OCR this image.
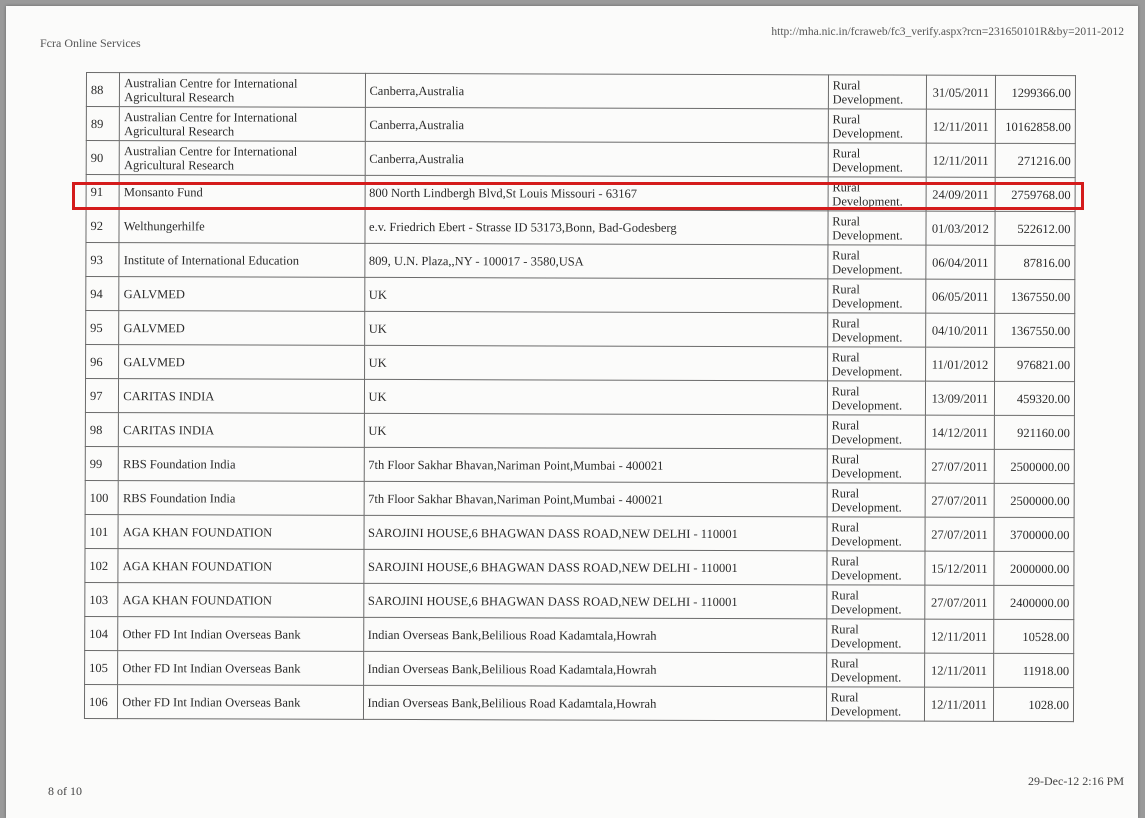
Fcra Online Services
http://mha.nic.in/fcraweb/fc3_verify.aspx?rcn=231650101R&by=2011-2012
88	Australian Centre for International Agricultural Research	Canberra,Australia	Rural Development.	31/05/2011	1299366.00
89	Australian Centre for International Agricultural Research	Canberra,Australia	Rural Development.	12/11/2011	10162858.00
90	Australian Centre for International Agricultural Research	Canberra,Australia	Rural Development.	12/11/2011	271216.00
91	Monsanto Fund	800 North Lindbergh Blvd,St Louis Missouri - 63167	Rural Development.	24/09/2011	2759768.00
92	Welthungerhilfe	e.v. Friedrich Ebert - Strasse ID 53173,Bonn, Bad-Godesberg	Rural Development.	01/03/2012	522612.00
93	Institute of International Education	809, U.N. Plaza,,NY - 100017 - 3580,USA	Rural Development.	06/04/2011	87816.00
94	GALVMED	UK	Rural Development.	06/05/2011	1367550.00
95	GALVMED	UK	Rural Development.	04/10/2011	1367550.00
96	GALVMED	UK	Rural Development.	11/01/2012	976821.00
97	CARITAS INDIA	UK	Rural Development.	13/09/2011	459320.00
98	CARITAS INDIA	UK	Rural Development.	14/12/2011	921160.00
99	RBS Foundation India	7th Floor Sakhar Bhavan,Nariman Point,Mumbai - 400021	Rural Development.	27/07/2011	2500000.00
100	RBS Foundation India	7th Floor Sakhar Bhavan,Nariman Point,Mumbai - 400021	Rural Development.	27/07/2011	2500000.00
101	AGA KHAN FOUNDATION	SAROJINI HOUSE,6 BHAGWAN DASS ROAD,NEW DELHI - 110001	Rural Development.	27/07/2011	3700000.00
102	AGA KHAN FOUNDATION	SAROJINI HOUSE,6 BHAGWAN DASS ROAD,NEW DELHI - 110001	Rural Development.	15/12/2011	2000000.00
103	AGA KHAN FOUNDATION	SAROJINI HOUSE,6 BHAGWAN DASS ROAD,NEW DELHI - 110001	Rural Development.	27/07/2011	2400000.00
104	Other FD Int Indian Overseas Bank	Indian Overseas Bank,Belilious Road Kadamtala,Howrah	Rural Development.	12/11/2011	10528.00
105	Other FD Int Indian Overseas Bank	Indian Overseas Bank,Belilious Road Kadamtala,Howrah	Rural Development.	12/11/2011	11918.00
106	Other FD Int Indian Overseas Bank	Indian Overseas Bank,Belilious Road Kadamtala,Howrah	Rural Development.	12/11/2011	1028.00
8 of 10
29-Dec-12 2:16 PM
